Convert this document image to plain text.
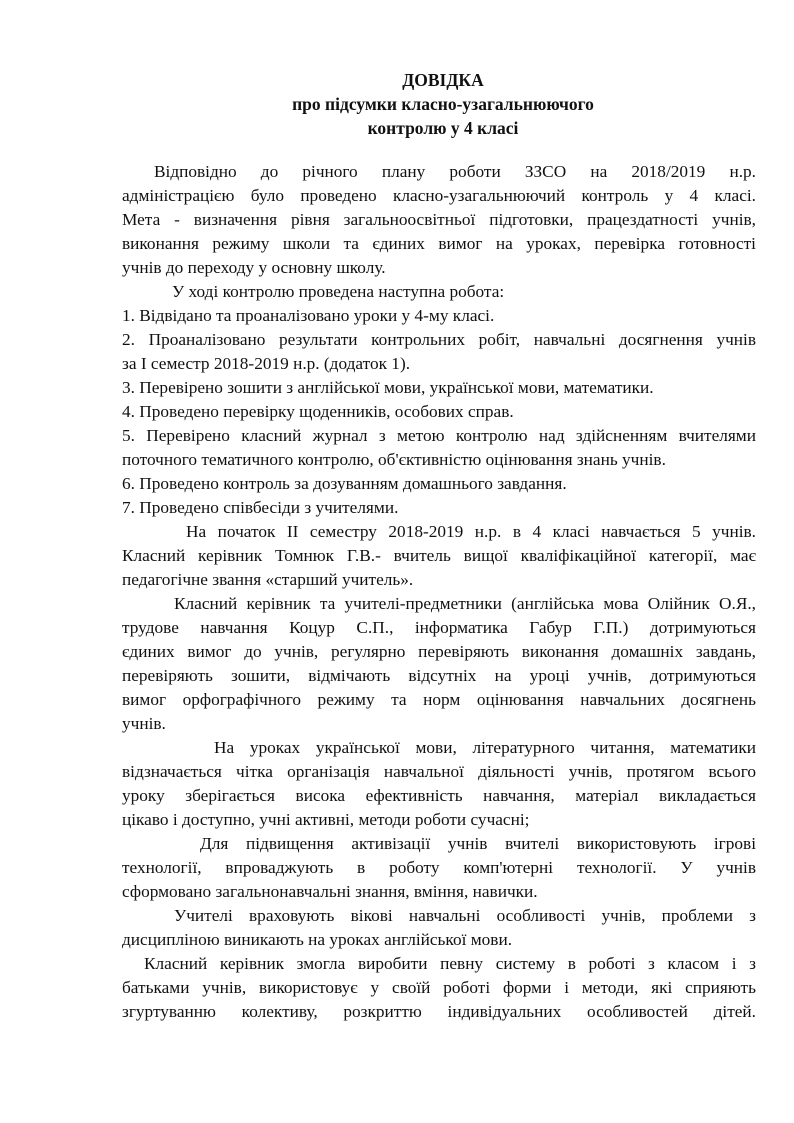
ДОВІДКА
про підсумки класно-узагальнюючого
контролю у 4 класі

Відповідно до річного плану роботи ЗЗСО на 2018/2019 н.р.

адміністрацією було проведено класно-узагальнюючий контроль у 4 класі.

Мета - визначення рівня загальноосвітньої підготовки, працездатності учнів,

виконання режиму школи та єдиних вимог на уроках, перевірка готовності

учнів до переходу у основну школу.

У ході контролю проведена наступна робота:

1. Відвідано та проаналізовано уроки у 4-му класі.

2. Проаналізовано результати контрольних робіт, навчальні досягнення учнів

за I семестр 2018-2019 н.р. (додаток 1).

3. Перевірено зошити з англійської мови, української мови, математики.

4. Проведено перевірку щоденників, особових справ.

5. Перевірено класний журнал з метою контролю над здійсненням вчителями

поточного тематичного контролю, об'єктивністю оцінювання знань учнів.

6. Проведено контроль за дозуванням домашнього завдання.

7. Проведено співбесіди з учителями.

На початок II семестру 2018-2019 н.р. в 4 класі навчається 5 учнів.

Класний керівник Томнюк Г.В.- вчитель вищої кваліфікаційної категорії, має

педагогічне звання «старший учитель».

Класний керівник та учителі-предметники (англійська мова Олійник О.Я.,

трудове навчання Коцур С.П., інформатика Габур Г.П.) дотримуються

єдиних вимог до учнів, регулярно перевіряють виконання домашніх завдань,

перевіряють зошити, відмічають відсутніх на уроці учнів, дотримуються

вимог орфографічного режиму та норм оцінювання навчальних досягнень

учнів.

На уроках української мови, літературного читання, математики

відзначається чітка організація навчальної діяльності учнів, протягом всього

уроку зберігається висока ефективність навчання, матеріал викладається

цікаво і доступно, учні активні, методи роботи сучасні;

Для підвищення активізації учнів вчителі використовують ігрові

технології, впроваджують в роботу комп'ютерні технології. У учнів

сформовано загальнонавчальні знання, вміння, навички.

Учителі враховують вікові навчальні особливості учнів, проблеми з

дисципліною виникають на уроках англійської мови.

Класний керівник змогла виробити певну систему в роботі з класом і з

батьками учнів, використовує у своїй роботі форми і методи, які сприяють

згуртуванню колективу, розкриттю індивідуальних особливостей дітей.
